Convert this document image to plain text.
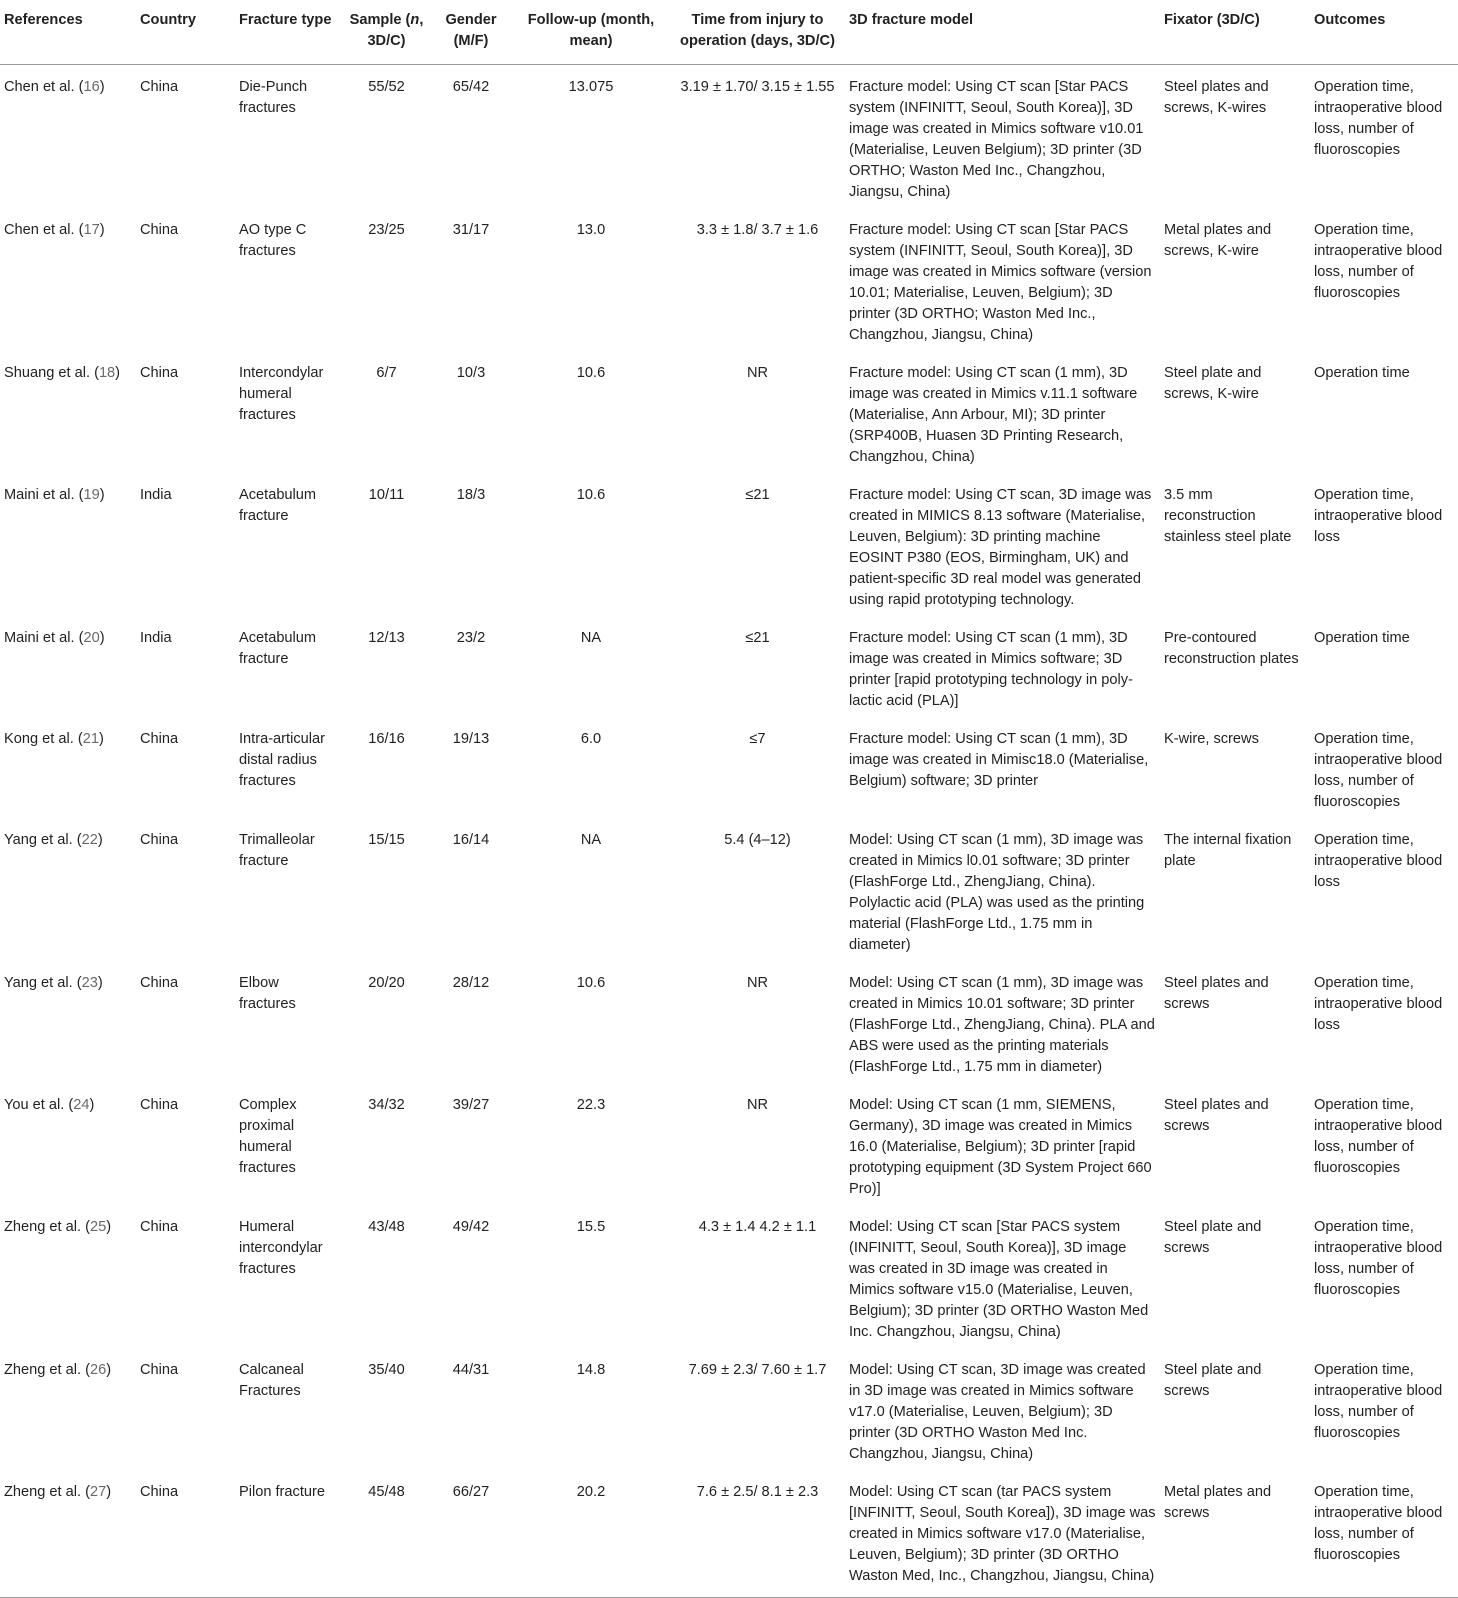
References	Country	Fracture type	Sample (n, 3D/C)	Gender (M/F)	Follow-up (month, mean)	Time from injury to operation (days, 3D/C)	3D fracture model	Fixator (3D/C)	Outcomes
Chen et al. (16)	China	Die-Punch fractures	55/52	65/42	13.075	3.19 ± 1.70/ 3.15 ± 1.55	Fracture model: Using CT scan [Star PACS system (INFINITT, Seoul, South Korea)], 3D image was created in Mimics software v10.01 (Materialise, Leuven Belgium); 3D printer (3D ORTHO; Waston Med Inc., Changzhou, Jiangsu, China)	Steel plates and screws, K-wires	Operation time, intraoperative blood loss, number of fluoroscopies
Chen et al. (17)	China	AO type C fractures	23/25	31/17	13.0	3.3 ± 1.8/ 3.7 ± 1.6	Fracture model: Using CT scan [Star PACS system (INFINITT, Seoul, South Korea)], 3D image was created in Mimics software (version 10.01; Materialise, Leuven, Belgium); 3D printer (3D ORTHO; Waston Med Inc., Changzhou, Jiangsu, China)	Metal plates and screws, K-wire	Operation time, intraoperative blood loss, number of fluoroscopies
Shuang et al. (18)	China	Intercondylar humeral fractures	6/7	10/3	10.6	NR	Fracture model: Using CT scan (1 mm), 3D image was created in Mimics v.11.1 software (Materialise, Ann Arbour, MI); 3D printer (SRP400B, Huasen 3D Printing Research, Changzhou, China)	Steel plate and screws, K-wire	Operation time
Maini et al. (19)	India	Acetabulum fracture	10/11	18/3	10.6	≤21	Fracture model: Using CT scan, 3D image was created in MIMICS 8.13 software (Materialise, Leuven, Belgium): 3D printing machine EOSINT P380 (EOS, Birmingham, UK) and patient-specific 3D real model was generated using rapid prototyping technology.	3.5 mm reconstruction stainless steel plate	Operation time, intraoperative blood loss
Maini et al. (20)	India	Acetabulum fracture	12/13	23/2	NA	≤21	Fracture model: Using CT scan (1 mm), 3D image was created in Mimics software; 3D printer [rapid prototyping technology in poly-lactic acid (PLA)]	Pre-contoured reconstruction plates	Operation time
Kong et al. (21)	China	Intra-articular distal radius fractures	16/16	19/13	6.0	≤7	Fracture model: Using CT scan (1 mm), 3D image was created in Mimisc18.0 (Materialise, Belgium) software; 3D printer	K-wire, screws	Operation time, intraoperative blood loss, number of fluoroscopies
Yang et al. (22)	China	Trimalleolar fracture	15/15	16/14	NA	5.4 (4–12)	Model: Using CT scan (1 mm), 3D image was created in Mimics l0.01 software; 3D printer (FlashForge Ltd., ZhengJiang, China). Polylactic acid (PLA) was used as the printing material (FlashForge Ltd., 1.75 mm in diameter)	The internal fixation plate	Operation time, intraoperative blood loss
Yang et al. (23)	China	Elbow fractures	20/20	28/12	10.6	NR	Model: Using CT scan (1 mm), 3D image was created in Mimics 10.01 software; 3D printer (FlashForge Ltd., ZhengJiang, China). PLA and ABS were used as the printing materials (FlashForge Ltd., 1.75 mm in diameter)	Steel plates and screws	Operation time, intraoperative blood loss
You et al. (24)	China	Complex proximal humeral fractures	34/32	39/27	22.3	NR	Model: Using CT scan (1 mm, SIEMENS, Germany), 3D image was created in Mimics 16.0 (Materialise, Belgium); 3D printer [rapid prototyping equipment (3D System Project 660 Pro)]	Steel plates and screws	Operation time, intraoperative blood loss, number of fluoroscopies
Zheng et al. (25)	China	Humeral intercondylar fractures	43/48	49/42	15.5	4.3 ± 1.4 4.2 ± 1.1	Model: Using CT scan [Star PACS system (INFINITT, Seoul, South Korea)], 3D image was created in 3D image was created in Mimics software v15.0 (Materialise, Leuven, Belgium); 3D printer (3D ORTHO Waston Med Inc. Changzhou, Jiangsu, China)	Steel plate and screws	Operation time, intraoperative blood loss, number of fluoroscopies
Zheng et al. (26)	China	Calcaneal Fractures	35/40	44/31	14.8	7.69 ± 2.3/ 7.60 ± 1.7	Model: Using CT scan, 3D image was created in 3D image was created in Mimics software v17.0 (Materialise, Leuven, Belgium); 3D printer (3D ORTHO Waston Med Inc. Changzhou, Jiangsu, China)	Steel plate and screws	Operation time, intraoperative blood loss, number of fluoroscopies
Zheng et al. (27)	China	Pilon fracture	45/48	66/27	20.2	7.6 ± 2.5/ 8.1 ± 2.3	Model: Using CT scan (tar PACS system [INFINITT, Seoul, South Korea]), 3D image was created in Mimics software v17.0 (Materialise, Leuven, Belgium); 3D printer (3D ORTHO Waston Med, Inc., Changzhou, Jiangsu, China)	Metal plates and screws	Operation time, intraoperative blood loss, number of fluoroscopies
